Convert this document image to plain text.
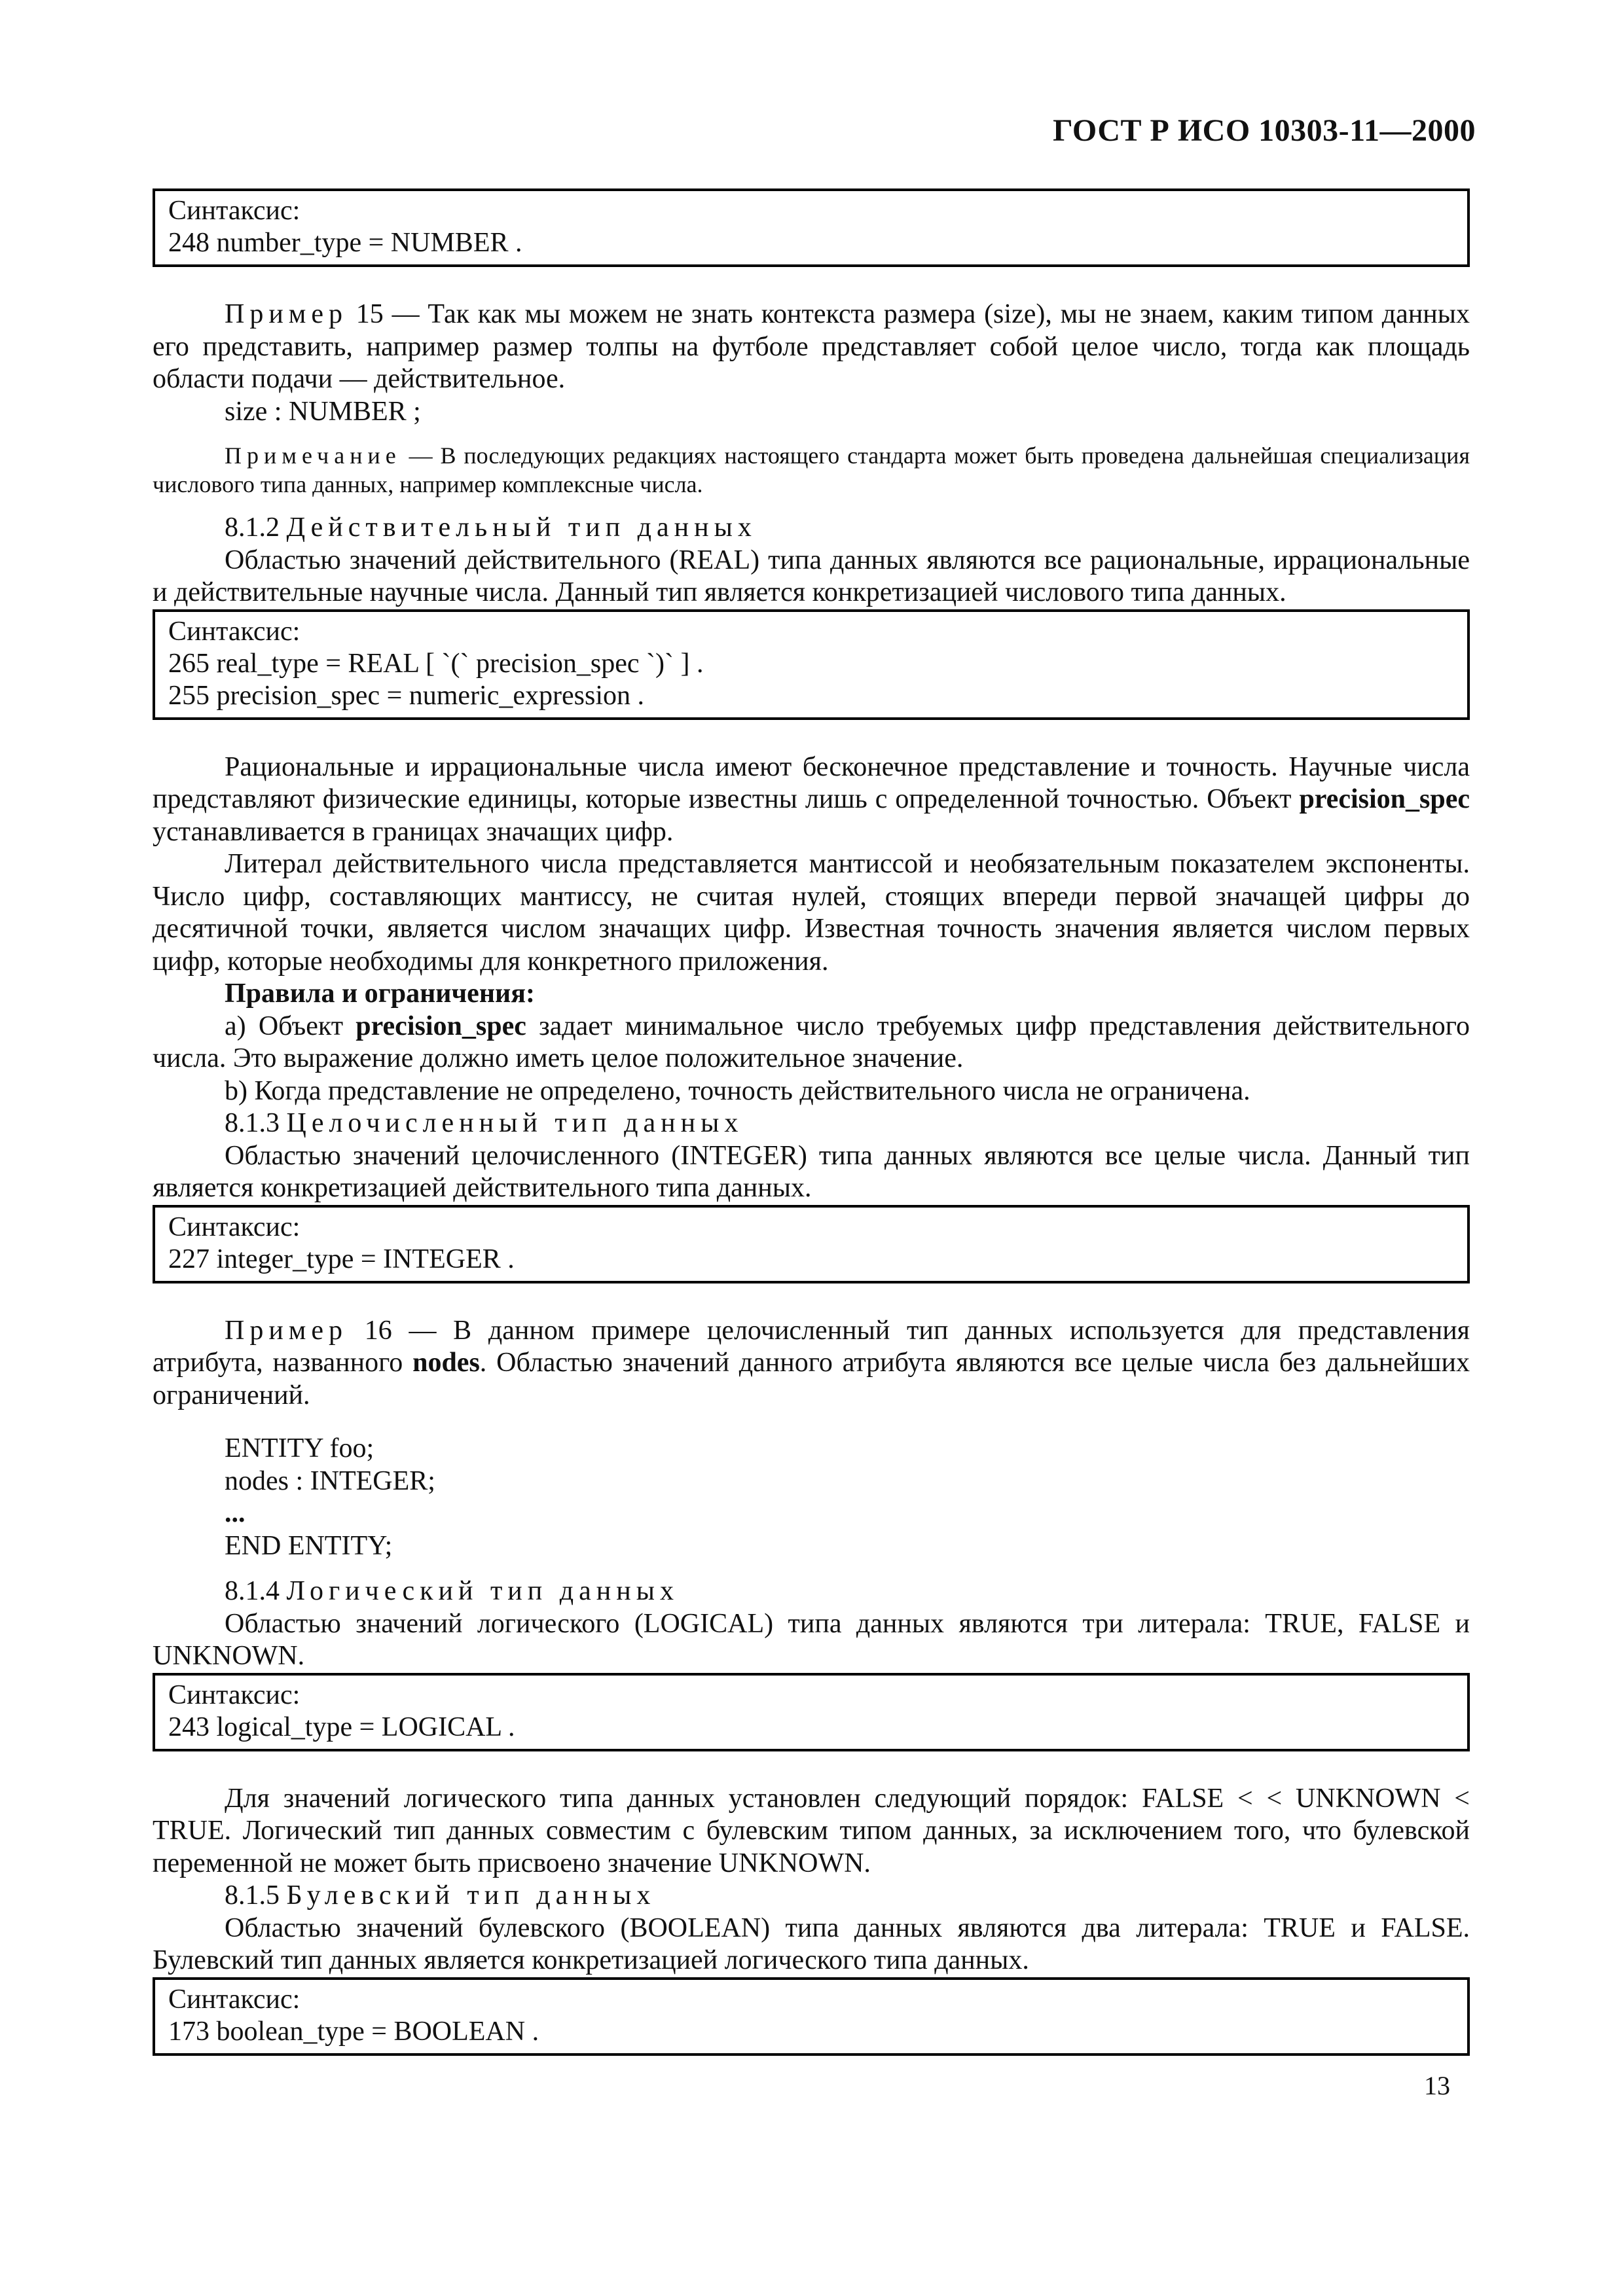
ГОСТ Р ИСО 10303-11—2000
Синтаксис:
248 number_type = NUMBER .

Пример 15 — Так как мы можем не знать контекста размера (size), мы не знаем, каким типом данных его представить, например размер толпы на футболе представляет собой целое число, тогда как площадь области подачи — действительное.

size : NUMBER ;

Примечание — В последующих редакциях настоящего стандарта может быть проведена дальнейшая специализация числового типа данных, например комплексные числа.

8.1.2 Действительный тип данных

Областью значений действительного (REAL) типа данных являются все рациональные, иррациональные и действительные научные числа. Данный тип является конкретизацией числового типа данных.

Синтаксис:
265 real_type = REAL [ `(` precision_spec `)` ] .
255 precision_spec = numeric_expression .

Рациональные и иррациональные числа имеют бесконечное представление и точность. Научные числа представляют физические единицы, которые известны лишь с определенной точностью. Объект precision_spec устанавливается в границах значащих цифр.

Литерал действительного числа представляется мантиссой и необязательным показателем экспоненты. Число цифр, составляющих мантиссу, не считая нулей, стоящих впереди первой значащей цифры до десятичной точки, является числом значащих цифр. Известная точность значения является числом первых цифр, которые необходимы для конкретного приложения.

Правила и ограничения:

a) Объект precision_spec задает минимальное число требуемых цифр представления действительного числа. Это выражение должно иметь целое положительное значение.

b) Когда представление не определено, точность действительного числа не ограничена.

8.1.3 Целочисленный тип данных

Областью значений целочисленного (INTEGER) типа данных являются все целые числа. Данный тип является конкретизацией действительного типа данных.

Синтаксис:
227 integer_type = INTEGER .

Пример 16 — В данном примере целочисленный тип данных используется для представления атрибута, названного nodes. Областью значений данного атрибута являются все целые числа без дальнейших ограничений.

ENTITY foo;
nodes : INTEGER;
...
END ENTITY;

8.1.4 Логический тип данных

Областью значений логического (LOGICAL) типа данных являются три литерала: TRUE, FALSE и UNKNOWN.

Синтаксис:
243 logical_type = LOGICAL .

Для значений логического типа данных установлен следующий порядок: FALSE < < UNKNOWN < TRUE. Логический тип данных совместим с булевским типом данных, за исключением того, что булевской переменной не может быть присвоено значение UNKNOWN.

8.1.5 Булевский тип данных

Областью значений булевского (BOOLEAN) типа данных являются два литерала: TRUE и FALSE. Булевский тип данных является конкретизацией логического типа данных.

Синтаксис:
173 boolean_type = BOOLEAN .
13
